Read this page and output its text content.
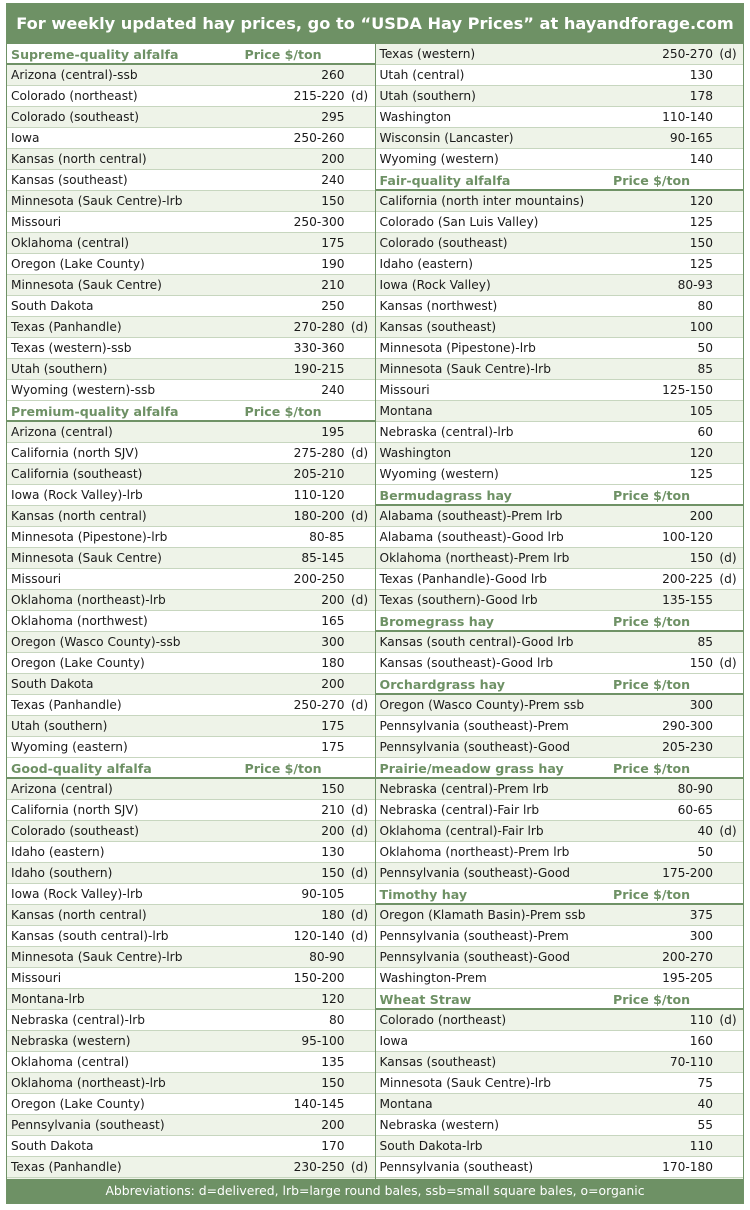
For weekly updated hay prices, go to “USDA Hay Prices” at hayandforage.com
Supreme-quality alfalfa	Price $/ton
Arizona (central)-ssb	260
Colorado (northeast)	215-220 (d)
Colorado (southeast)	295
Iowa	250-260
Kansas (north central)	200
Kansas (southeast)	240
Minnesota (Sauk Centre)-lrb	150
Missouri	250-300
Oklahoma (central)	175
Oregon (Lake County)	190
Minnesota (Sauk Centre)	210
South Dakota	250
Texas (Panhandle)	270-280 (d)
Texas (western)-ssb	330-360
Utah (southern)	190-215
Wyoming (western)-ssb	240
Premium-quality alfalfa	Price $/ton
Arizona (central)	195
California (north SJV)	275-280 (d)
California (southeast)	205-210
Iowa (Rock Valley)-lrb	110-120
Kansas (north central)	180-200 (d)
Minnesota (Pipestone)-lrb	80-85
Minnesota (Sauk Centre)	85-145
Missouri	200-250
Oklahoma (northeast)-lrb	200 (d)
Oklahoma (northwest)	165
Oregon (Wasco County)-ssb	300
Oregon (Lake County)	180
South Dakota	200
Texas (Panhandle)	250-270 (d)
Utah (southern)	175
Wyoming (eastern)	175
Good-quality alfalfa	Price $/ton
Arizona (central)	150
California (north SJV)	210 (d)
Colorado (southeast)	200 (d)
Idaho (eastern)	130
Idaho (southern)	150 (d)
Iowa (Rock Valley)-lrb	90-105
Kansas (north central)	180 (d)
Kansas (south central)-lrb	120-140 (d)
Minnesota (Sauk Centre)-lrb	80-90
Missouri	150-200
Montana-lrb	120
Nebraska (central)-lrb	80
Nebraska (western)	95-100
Oklahoma (central)	135
Oklahoma (northeast)-lrb	150
Oregon (Lake County)	140-145
Pennsylvania (southeast)	200
South Dakota	170
Texas (Panhandle)	230-250 (d)
Texas (western)	250-270 (d)
Utah (central)	130
Utah (southern)	178
Washington	110-140
Wisconsin (Lancaster)	90-165
Wyoming (western)	140
Fair-quality alfalfa	Price $/ton
California (north inter mountains)	120
Colorado (San Luis Valley)	125
Colorado (southeast)	150
Idaho (eastern)	125
Iowa (Rock Valley)	80-93
Kansas (northwest)	80
Kansas (southeast)	100
Minnesota (Pipestone)-lrb	50
Minnesota (Sauk Centre)-lrb	85
Missouri	125-150
Montana	105
Nebraska (central)-lrb	60
Washington	120
Wyoming (western)	125
Bermudagrass hay	Price $/ton
Alabama (southeast)-Prem lrb	200
Alabama (southeast)-Good lrb	100-120
Oklahoma (northeast)-Prem lrb	150 (d)
Texas (Panhandle)-Good lrb	200-225 (d)
Texas (southern)-Good lrb	135-155
Bromegrass hay	Price $/ton
Kansas (south central)-Good lrb	85
Kansas (southeast)-Good lrb	150 (d)
Orchardgrass hay	Price $/ton
Oregon (Wasco County)-Prem ssb	300
Pennsylvania (southeast)-Prem	290-300
Pennsylvania (southeast)-Good	205-230
Prairie/meadow grass hay	Price $/ton
Nebraska (central)-Prem lrb	80-90
Nebraska (central)-Fair lrb	60-65
Oklahoma (central)-Fair lrb	40 (d)
Oklahoma (northeast)-Prem lrb	50
Pennsylvania (southeast)-Good	175-200
Timothy hay	Price $/ton
Oregon (Klamath Basin)-Prem ssb	375
Pennsylvania (southeast)-Prem	300
Pennsylvania (southeast)-Good	200-270
Washington-Prem	195-205
Wheat Straw	Price $/ton
Colorado (northeast)	110 (d)
Iowa	160
Kansas (southeast)	70-110
Minnesota (Sauk Centre)-lrb	75
Montana	40
Nebraska (western)	55
South Dakota-lrb	110
Pennsylvania (southeast)	170-180
Abbreviations: d=delivered, lrb=large round bales, ssb=small square bales, o=organic
